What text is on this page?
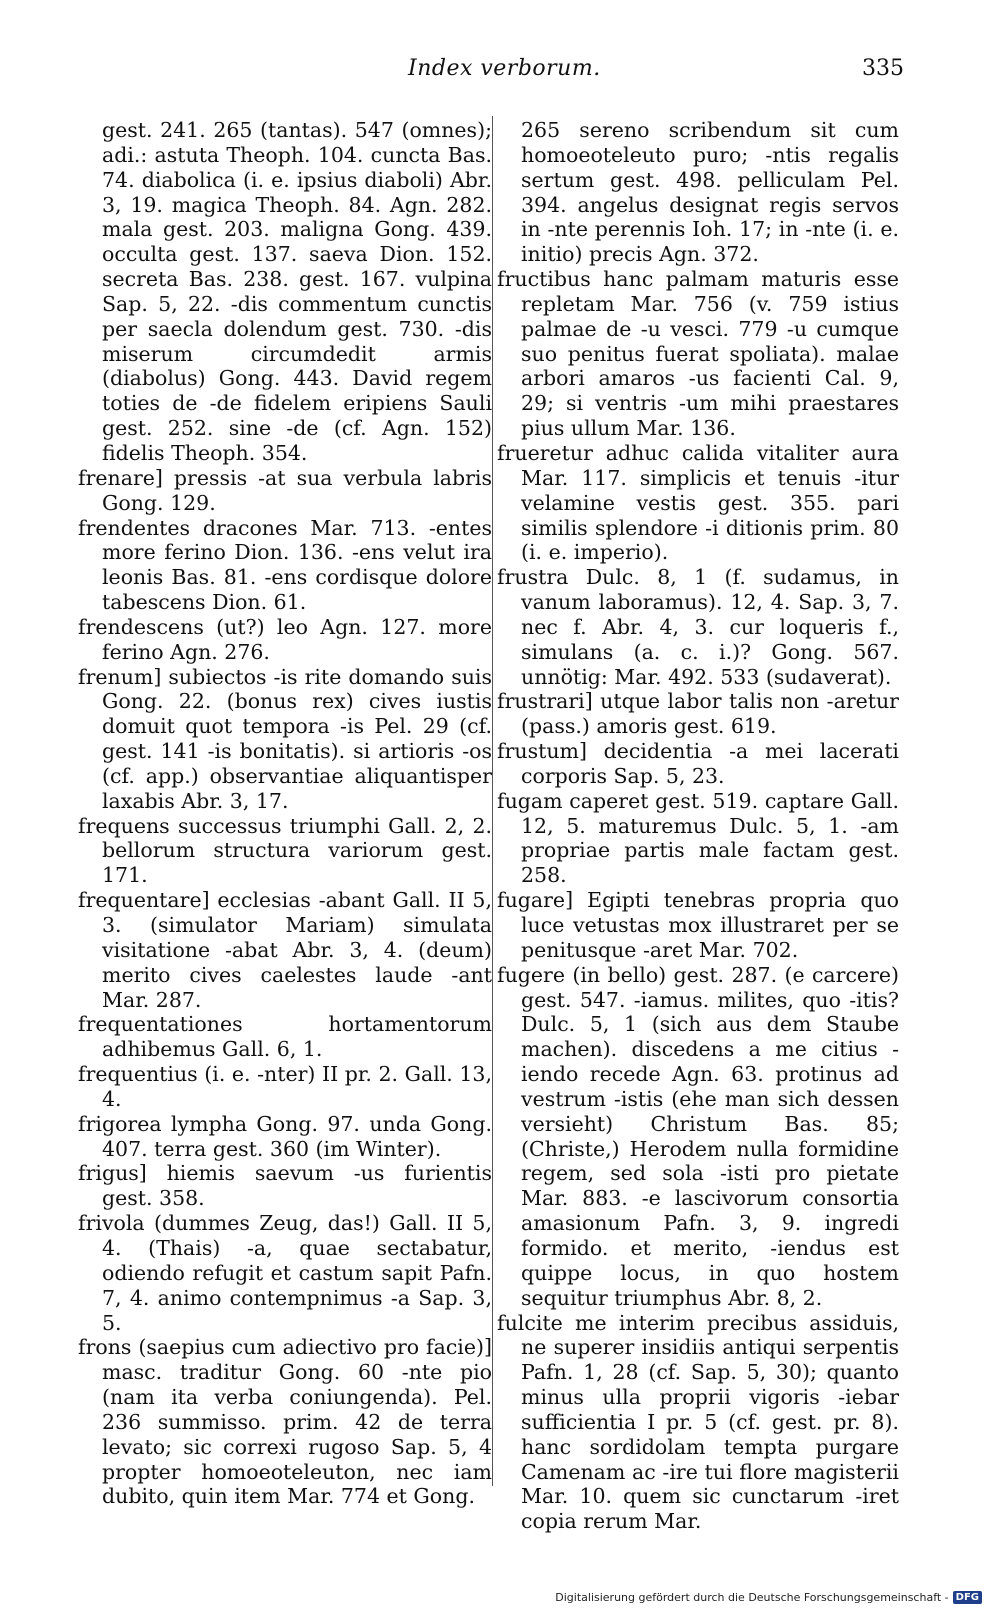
Index verborum.	335

gest. 241. 265 (tantas). 547 (omnes); adi.: astuta Theoph. 104. cuncta Bas. 74. diabolica (i. e. ipsius diaboli) Abr. 3, 19. magica Theoph. 84. Agn. 282. mala gest. 203. maligna Gong. 439. occulta gest. 137. saeva Dion. 152. secreta Bas. 238. gest. 167. vulpina Sap. 5, 22. -dis commentum cunctis per saecla dolendum gest. 730. -dis miserum circumdedit armis (diabolus) Gong. 443. David regem toties de -de fidelem eripiens Sauli gest. 252. sine -de (cf. Agn. 152) fidelis Theoph. 354.

frenare] pressis -at sua verbula labris Gong. 129.

frendentes dracones Mar. 713. -entes more ferino Dion. 136. -ens velut ira leonis Bas. 81. -ens cordisque dolore tabescens Dion. 61.

frendescens (ut?) leo Agn. 127. more ferino Agn. 276.

frenum] subiectos -is rite domando suis Gong. 22. (bonus rex) cives iustis domuit quot tempora -is Pel. 29 (cf. gest. 141 -is bonitatis). si artioris -os (cf. app.) observantiae aliquantisper laxabis Abr. 3, 17.

frequens successus triumphi Gall. 2, 2. bellorum structura variorum gest. 171.

frequentare] ecclesias -abant Gall. II 5, 3. (simulator Mariam) simulata visitatione -abat Abr. 3, 4. (deum) merito cives caelestes laude -ant Mar. 287.

frequentationes hortamentorum adhibemus Gall. 6, 1.

frequentius (i. e. -nter) II pr. 2. Gall. 13, 4.

frigorea lympha Gong. 97. unda Gong. 407. terra gest. 360 (im Winter).

frigus] hiemis saevum -us furientis gest. 358.

frivola (dummes Zeug, das!) Gall. II 5, 4. (Thais) -a, quae sectabatur, odiendo refugit et castum sapit Pafn. 7, 4. animo contempnimus -a Sap. 3, 5.

frons (saepius cum adiectivo pro facie)] masc. traditur Gong. 60 -nte pio (nam ita verba coniungenda). Pel. 236 summisso. prim. 42 de terra levato; sic correxi rugoso Sap. 5, 4 propter homoeoteleuton, nec iam dubito, quin item Mar. 774 et Gong.

265 sereno scribendum sit cum homoeoteleuto puro; -ntis regalis sertum gest. 498. pelliculam Pel. 394. angelus designat regis servos in -nte perennis Ioh. 17; in -nte (i. e. initio) precis Agn. 372.

fructibus hanc palmam maturis esse repletam Mar. 756 (v. 759 istius palmae de -u vesci. 779 -u cumque suo penitus fuerat spoliata). malae arbori amaros -us facienti Cal. 9, 29; si ventris -um mihi praestares pius ullum Mar. 136.

frueretur adhuc calida vitaliter aura Mar. 117. simplicis et tenuis -itur velamine vestis gest. 355. pari similis splendore -i ditionis prim. 80 (i. e. imperio).

frustra Dulc. 8, 1 (f. sudamus, in vanum laboramus). 12, 4. Sap. 3, 7. nec f. Abr. 4, 3. cur loqueris f., simulans (a. c. i.)? Gong. 567. unnötig: Mar. 492. 533 (sudaverat).

frustrari] utque labor talis non -aretur (pass.) amoris gest. 619.

frustum] decidentia -a mei lacerati corporis Sap. 5, 23.

fugam caperet gest. 519. captare Gall. 12, 5. maturemus Dulc. 5, 1. -am propriae partis male factam gest. 258.

fugare] Egipti tenebras propria quo luce vetustas mox illustraret per se penitusque -aret Mar. 702.

fugere (in bello) gest. 287. (e carcere) gest. 547. -iamus. milites, quo -itis? Dulc. 5, 1 (sich aus dem Staube machen). discedens a me citius -iendo recede Agn. 63. protinus ad vestrum -istis (ehe man sich dessen versieht) Christum Bas. 85; (Christe,) Herodem nulla formidine regem, sed sola -isti pro pietate Mar. 883. -e lascivorum consortia amasionum Pafn. 3, 9. ingredi formido. et merito, -iendus est quippe locus, in quo hostem sequitur triumphus Abr. 8, 2.

fulcite me interim precibus assiduis, ne superer insidiis antiqui serpentis Pafn. 1, 28 (cf. Sap. 5, 30); quanto minus ulla proprii vigoris -iebar sufficientia I pr. 5 (cf. gest. pr. 8). hanc sordidolam tempta purgare Camenam ac -ire tui flore magisterii Mar. 10. quem sic cunctarum -iret copia rerum Mar.

Digitalisierung gefördert durch die Deutsche Forschungsgemeinschaft - DFG
